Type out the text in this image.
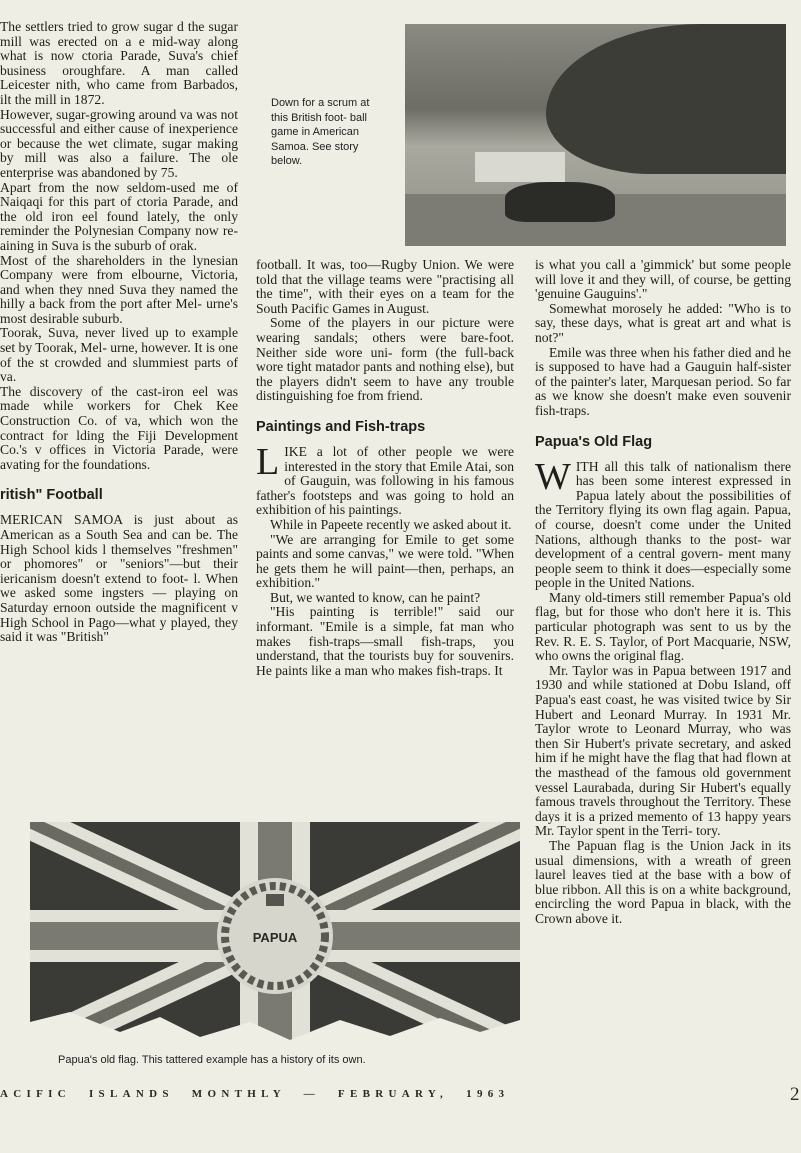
The settlers tried to grow sugar d the sugar mill was erected on a e mid-way along what is now ctoria Parade, Suva's chief business oroughfare. A man called Leicester nith, who came from Barbados, ilt the mill in 1872.

However, sugar-growing around va was not successful and either cause of inexperience or because the wet climate, sugar making by mill was also a failure. The ole enterprise was abandoned by 75.

Apart from the now seldom-used me of Naiqaqi for this part of ctoria Parade, and the old iron eel found lately, the only reminder the Polynesian Company now re- aining in Suva is the suburb of orak.

Most of the shareholders in the lynesian Company were from elbourne, Victoria, and when they nned Suva they named the hilly a back from the port after Mel- urne's most desirable suburb.

Toorak, Suva, never lived up to example set by Toorak, Mel- urne, however. It is one of the st crowded and slummiest parts of va.

The discovery of the cast-iron eel was made while workers for Chek Kee Construction Co. of va, which won the contract for lding the Fiji Development Co.'s v offices in Victoria Parade, were avating for the foundations.

ritish" Football

MERICAN SAMOA is just about as American as a South Sea and can be. The High School kids l themselves "freshmen" or phomores" or "seniors"—but their iericanism doesn't extend to foot- l. When we asked some ingsters — playing on Saturday ernoon outside the magnificent v High School in Pago—what y played, they said it was "British"

Down for a scrum at this British foot- ball game in American Samoa. See story below.

football. It was, too—Rugby Union. We were told that the village teams were "practising all the time", with their eyes on a team for the South Pacific Games in August.

Some of the players in our picture were wearing sandals; others were bare-foot. Neither side wore uni- form (the full-back wore tight matador pants and nothing else), but the players didn't seem to have any trouble distinguishing foe from friend.

Paintings and Fish-traps

LIKE a lot of other people we were interested in the story that Emile Atai, son of Gauguin, was following in his famous father's footsteps and was going to hold an exhibition of his paintings.

While in Papeete recently we asked about it.

"We are arranging for Emile to get some paints and some canvas," we were told. "When he gets them he will paint—then, perhaps, an exhibition."

But, we wanted to know, can he paint?

"His painting is terrible!" said our informant. "Emile is a simple, fat man who makes fish-traps—small fish-traps, you understand, that the tourists buy for souvenirs. He paints like a man who makes fish-traps. It

is what you call a 'gimmick' but some people will love it and they will, of course, be getting 'genuine Gauguins'."

Somewhat morosely he added: "Who is to say, these days, what is great art and what is not?"

Emile was three when his father died and he is supposed to have had a Gauguin half-sister of the painter's later, Marquesan period. So far as we know she doesn't make even souvenir fish-traps.

Papua's Old Flag

WITH all this talk of nationalism there has been some interest expressed in Papua lately about the possibilities of the Territory flying its own flag again. Papua, of course, doesn't come under the United Nations, although thanks to the post- war development of a central govern- ment many people seem to think it does—especially some people in the United Nations.

Many old-timers still remember Papua's old flag, but for those who don't here it is. This particular photograph was sent to us by the Rev. R. E. S. Taylor, of Port Macquarie, NSW, who owns the original flag.

Mr. Taylor was in Papua between 1917 and 1930 and while stationed at Dobu Island, off Papua's east coast, he was visited twice by Sir Hubert and Leonard Murray. In 1931 Mr. Taylor wrote to Leonard Murray, who was then Sir Hubert's private secretary, and asked him if he might have the flag that had flown at the masthead of the famous old government vessel Laurabada, during Sir Hubert's equally famous travels throughout the Territory. These days it is a prized memento of 13 happy years Mr. Taylor spent in the Terri- tory.

The Papuan flag is the Union Jack in its usual dimensions, with a wreath of green laurel leaves tied at the base with a bow of blue ribbon. All this is on a white background, encircling the word Papua in black, with the Crown above it.

PAPUA
Papua's old flag. This tattered example has a history of its own.
ACIFIC ISLANDS MONTHLY — FEBRUARY, 1963	2
